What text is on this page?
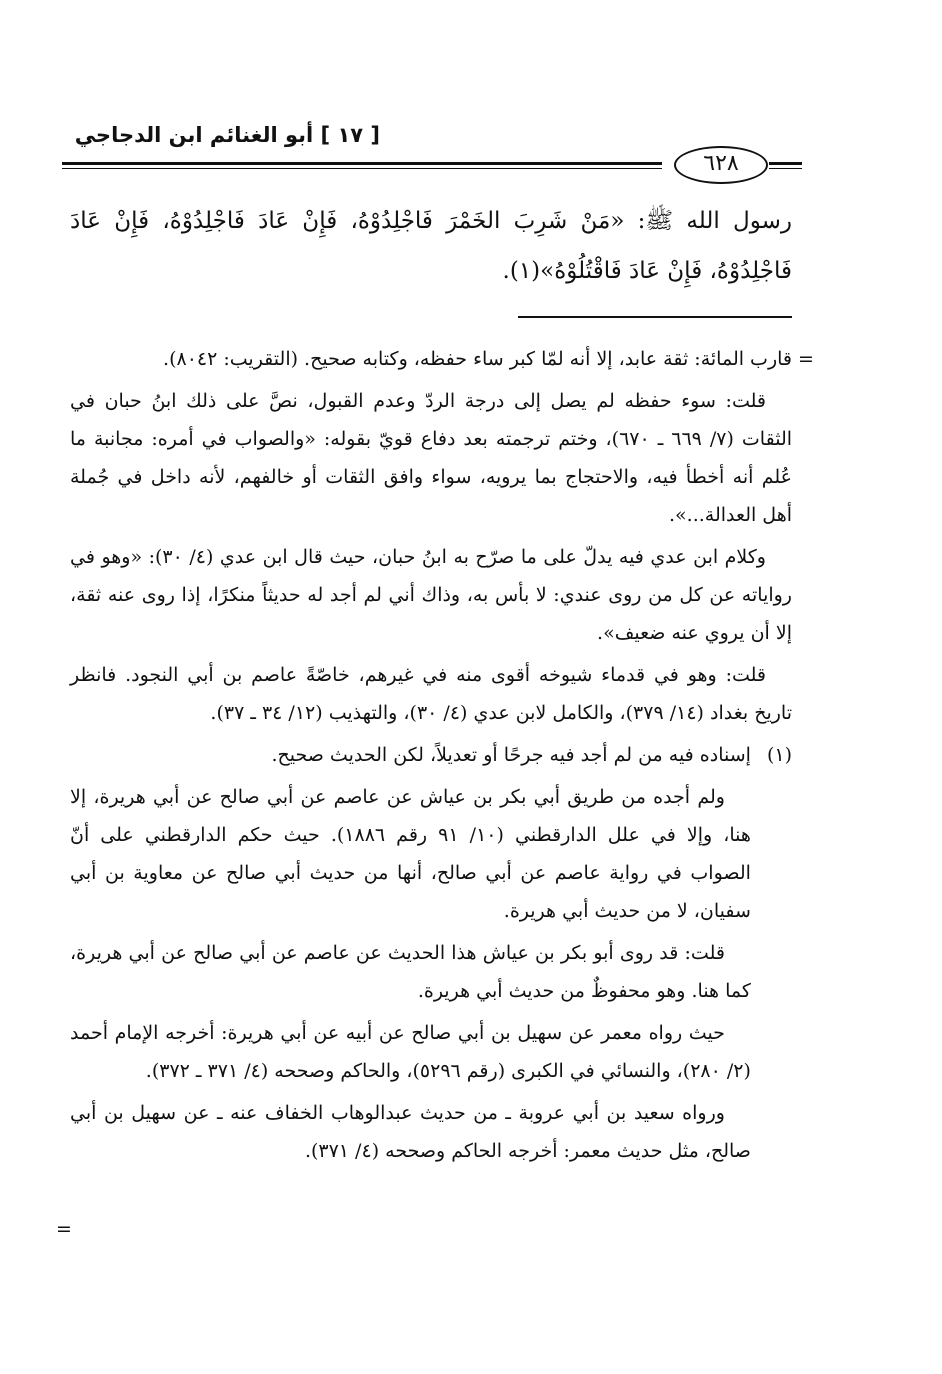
[ ١٧ ] أبو الغنائم ابن الدجاجي
٦٢٨
رسول الله ﷺ: «مَنْ شَرِبَ الخَمْرَ فَاجْلِدُوْهُ، فَإِنْ عَادَ فَاجْلِدُوْهُ، فَإِنْ عَادَ فَاجْلِدُوْهُ، فَإِنْ عَادَ فَاقْتُلُوْهُ»(١).
=

قارب المائة: ثقة عابد، إلا أنه لمّا كبر ساء حفظه، وكتابه صحيح. (التقريب: ٨٠٤٢).

قلت: سوء حفظه لم يصل إلى درجة الردّ وعدم القبول، نصَّ على ذلك ابنُ حبان في الثقات (٧/ ٦٦٩ ـ ٦٧٠)، وختم ترجمته بعد دفاع قويّ بقوله: «والصواب في أمره: مجانبة ما عُلم أنه أخطأ فيه، والاحتجاج بما يرويه، سواء وافق الثقات أو خالفهم، لأنه داخل في جُملة أهل العدالة...».

وكلام ابن عدي فيه يدلّ على ما صرّح به ابنُ حبان، حيث قال ابن عدي (٤/ ٣٠): «وهو في رواياته عن كل من روى عندي: لا بأس به، وذاك أني لم أجد له حديثاً منكرًا، إذا روى عنه ثقة، إلا أن يروي عنه ضعيف».

قلت: وهو في قدماء شيوخه أقوى منه في غيرهم، خاصّةً عاصم بن أبي النجود. فانظر تاريخ بغداد (١٤/ ٣٧٩)، والكامل لابن عدي (٤/ ٣٠)، والتهذيب (١٢/ ٣٤ ـ ٣٧).

(١)

إسناده فيه من لم أجد فيه جرحًا أو تعديلاً، لكن الحديث صحيح.

ولم أجده من طريق أبي بكر بن عياش عن عاصم عن أبي صالح عن أبي هريرة، إلا هنا، وإلا في علل الدارقطني (١٠/ ٩١ رقم ١٨٨٦). حيث حكم الدارقطني على أنّ الصواب في رواية عاصم عن أبي صالح، أنها من حديث أبي صالح عن معاوية بن أبي سفيان، لا من حديث أبي هريرة.

قلت: قد روى أبو بكر بن عياش هذا الحديث عن عاصم عن أبي صالح عن أبي هريرة، كما هنا. وهو محفوظٌ من حديث أبي هريرة.

حيث رواه معمر عن سهيل بن أبي صالح عن أبيه عن أبي هريرة: أخرجه الإمام أحمد (٢/ ٢٨٠)، والنسائي في الكبرى (رقم ٥٢٩٦)، والحاكم وصححه (٤/ ٣٧١ ـ ٣٧٢).

ورواه سعيد بن أبي عروبة ـ من حديث عبدالوهاب الخفاف عنه ـ عن سهيل بن أبي صالح، مثل حديث معمر: أخرجه الحاكم وصححه (٤/ ٣٧١).

=
